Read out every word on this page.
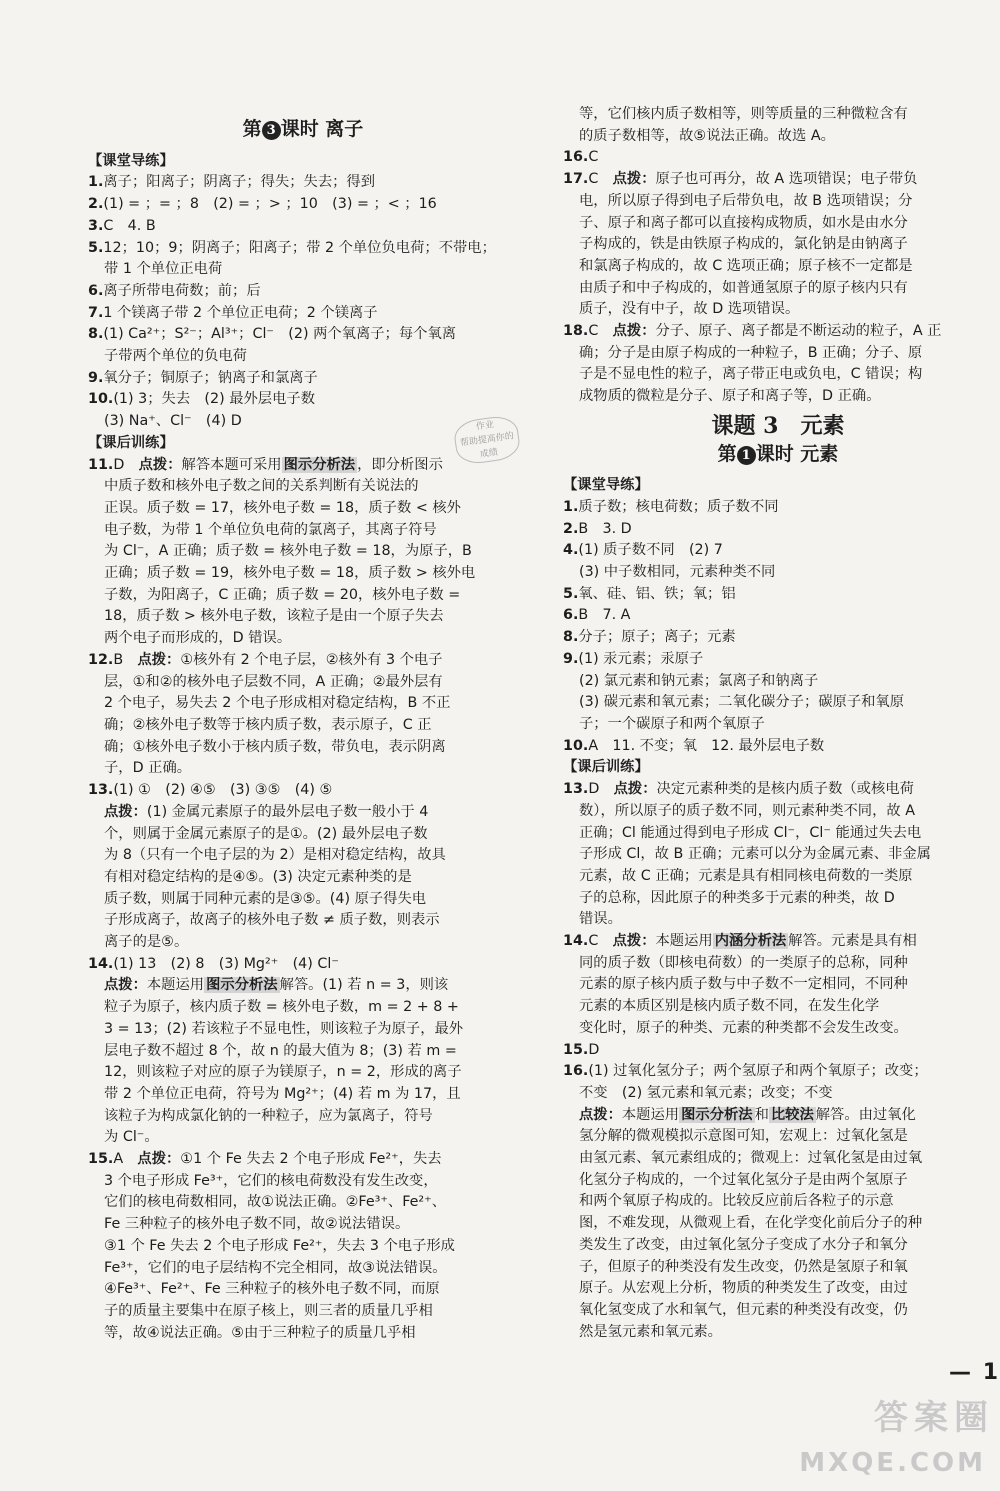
第 3 课时 离子
【课堂导练】
1.离子；阳离子；阴离子；得失；失去；得到
2.(1) = ；= ；8　(2) = ；> ；10　(3) = ；< ；16
3.C　4. B
5.12；10；9；阴离子；阳离子；带 2 个单位负电荷；不带电；
带 1 个单位正电荷
6.离子所带电荷数；前；后
7.1 个镁离子带 2 个单位正电荷；2 个镁离子
8.(1) Ca²⁺；S²⁻；Al³⁺；Cl⁻　(2) 两个氧离子；每个氧离
子带两个单位的负电荷
9.氧分子；铜原子；钠离子和氯离子
10.(1) 3；失去　(2) 最外层电子数
(3) Na⁺、Cl⁻　(4) D
【课后训练】
11.D　点拨：解答本题可采用 图示分析法 ，即分析图示
中质子数和核外电子数之间的关系判断有关说法的
正误。质子数 = 17，核外电子数 = 18，质子数 < 核外
电子数，为带 1 个单位负电荷的氯离子，其离子符号
为 Cl⁻，A 正确；质子数 = 核外电子数 = 18，为原子，B
正确；质子数 = 19，核外电子数 = 18，质子数 > 核外电
子数，为阳离子，C 正确；质子数 = 20，核外电子数 =
18，质子数 > 核外电子数，该粒子是由一个原子失去
两个电子而形成的，D 错误。
12.B　点拨：①核外有 2 个电子层，②核外有 3 个电子
层，①和②的核外电子层数不同，A 正确；②最外层有
2 个电子，易失去 2 个电子形成相对稳定结构，B 不正
确；②核外电子数等于核内质子数，表示原子，C 正
确；①核外电子数小于核内质子数，带负电，表示阴离
子，D 正确。
13.(1) ①　(2) ④⑤　(3) ③⑤　(4) ⑤
点拨：(1) 金属元素原子的最外层电子数一般小于 4
个，则属于金属元素原子的是①。(2) 最外层电子数
为 8（只有一个电子层的为 2）是相对稳定结构，故具
有相对稳定结构的是④⑤。(3) 决定元素种类的是
质子数，则属于同种元素的是③⑤。(4) 原子得失电
子形成离子，故离子的核外电子数 ≠ 质子数，则表示
离子的是⑤。
14.(1) 13　(2) 8　(3) Mg²⁺　(4) Cl⁻
点拨：本题运用 图示分析法 解答。(1) 若 n = 3，则该
粒子为原子，核内质子数 = 核外电子数，m = 2 + 8 +
3 = 13；(2) 若该粒子不显电性，则该粒子为原子，最外
层电子数不超过 8 个，故 n 的最大值为 8；(3) 若 m =
12，则该粒子对应的原子为镁原子，n = 2，形成的离子
带 2 个单位正电荷，符号为 Mg²⁺；(4) 若 m 为 17，且
该粒子为构成氯化钠的一种粒子，应为氯离子，符号
为 Cl⁻。
15.A　点拨：①1 个 Fe 失去 2 个电子形成 Fe²⁺，失去
3 个电子形成 Fe³⁺，它们的核电荷数没有发生改变，
它们的核电荷数相同，故①说法正确。②Fe³⁺、Fe²⁺、
Fe 三种粒子的核外电子数不同，故②说法错误。
③1 个 Fe 失去 2 个电子形成 Fe²⁺，失去 3 个电子形成
Fe³⁺，它们的电子层结构不完全相同，故③说法错误。
④Fe³⁺、Fe²⁺、Fe 三种粒子的核外电子数不同，而原
子的质量主要集中在原子核上，则三者的质量几乎相
等，故④说法正确。⑤由于三种粒子的质量几乎相
等，它们核内质子数相等，则等质量的三种微粒含有
的质子数相等，故⑤说法正确。故选 A。
16.C
17.C　点拨：原子也可再分，故 A 选项错误；电子带负
电，所以原子得到电子后带负电，故 B 选项错误；分
子、原子和离子都可以直接构成物质，如水是由水分
子构成的，铁是由铁原子构成的，氯化钠是由钠离子
和氯离子构成的，故 C 选项正确；原子核不一定都是
由质子和中子构成的，如普通氢原子的原子核内只有
质子，没有中子，故 D 选项错误。
18.C　点拨：分子、原子、离子都是不断运动的粒子，A 正
确；分子是由原子构成的一种粒子，B 正确；分子、原
子是不显电性的粒子，离子带正电或负电，C 错误；构
成物质的微粒是分子、原子和离子等，D 正确。
课题 3　元素
第 1 课时 元素
【课堂导练】
1.质子数；核电荷数；质子数不同
2.B　3. D
4.(1) 质子数不同　(2) 7
(3) 中子数相同，元素种类不同
5.氧、硅、铝、铁；氧；铝
6.B　7. A
8.分子；原子；离子；元素
9.(1) 汞元素；汞原子
(2) 氯元素和钠元素；氯离子和钠离子
(3) 碳元素和氧元素；二氧化碳分子；碳原子和氧原
子；一个碳原子和两个氧原子
10.A　11. 不变；氧　12. 最外层电子数
【课后训练】
13.D　点拨：决定元素种类的是核内质子数（或核电荷
数），所以原子的质子数不同，则元素种类不同，故 A
正确；Cl 能通过得到电子形成 Cl⁻，Cl⁻ 能通过失去电
子形成 Cl，故 B 正确；元素可以分为金属元素、非金属
元素，故 C 正确；元素是具有相同核电荷数的一类原
子的总称，因此原子的种类多于元素的种类，故 D
错误。
14.C　点拨：本题运用 内涵分析法 解答。元素是具有相
同的质子数（即核电荷数）的一类原子的总称，同种
元素的原子核内质子数与中子数不一定相同，不同种
元素的本质区别是核内质子数不同，在发生化学
变化时，原子的种类、元素的种类都不会发生改变。
15.D
16.(1) 过氧化氢分子；两个氢原子和两个氧原子；改变；
不变　(2) 氢元素和氧元素；改变；不变
点拨：本题运用 图示分析法 和 比较法 解答。由过氧化
氢分解的微观模拟示意图可知，宏观上：过氧化氢是
由氢元素、氧元素组成的；微观上：过氧化氢是由过氧
化氢分子构成的，一个过氧化氢分子是由两个氢原子
和两个氧原子构成的。比较反应前后各粒子的示意
图，不难发现，从微观上看，在化学变化前后分子的种
类发生了改变，由过氧化氢分子变成了水分子和氧分
子，但原子的种类没有发生改变，仍然是氢原子和氧
原子。从宏观上分析，物质的种类发生了改变，由过
氧化氢变成了水和氧气，但元素的种类没有改变，仍
然是氢元素和氧元素。
作业
帮助提高你的成绩
— 1
答案圈
MXQE.COM
